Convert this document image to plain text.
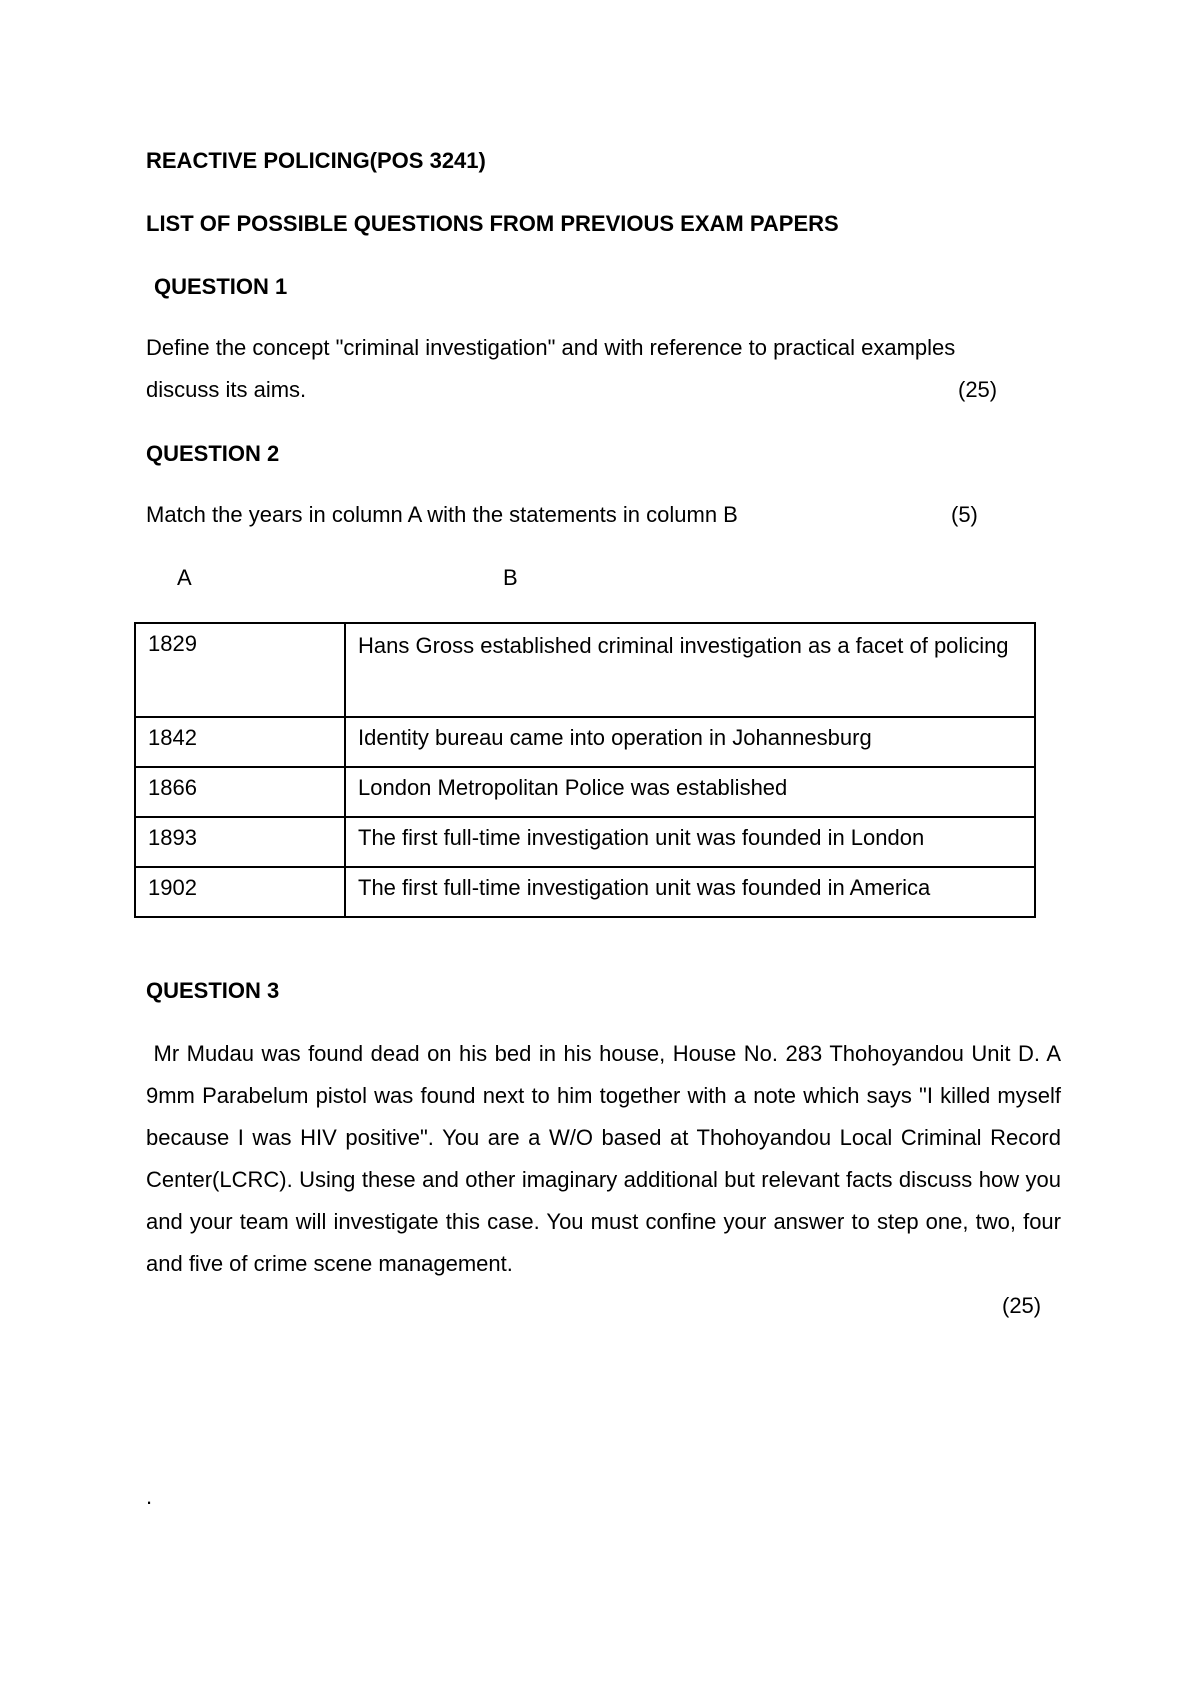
REACTIVE POLICING(POS 3241)
LIST OF POSSIBLE QUESTIONS FROM PREVIOUS EXAM PAPERS
QUESTION 1
Define the concept "criminal investigation" and with reference to practical examples
discuss its aims.	(25)
QUESTION 2
Match the years in column A with the statements in column B	(5)
A	B
1829	Hans Gross established criminal investigation as a facet of policing
1842	Identity bureau came into operation in Johannesburg
1866	London Metropolitan Police was established
1893	The first full-time investigation unit was founded in London
1902	The first full-time investigation unit was founded in America
QUESTION 3
Mr Mudau was found dead on his bed in his house, House No. 283 Thohoyandou Unit D. A 9mm Parabelum pistol was found next to him together with a note which says "I killed myself because I was HIV positive". You are a W/O based at Thohoyandou Local Criminal Record Center(LCRC). Using these and other imaginary additional but relevant facts discuss how you and your team will investigate this case. You must confine your answer to step one, two, four and five of crime scene management.
(25)
.
